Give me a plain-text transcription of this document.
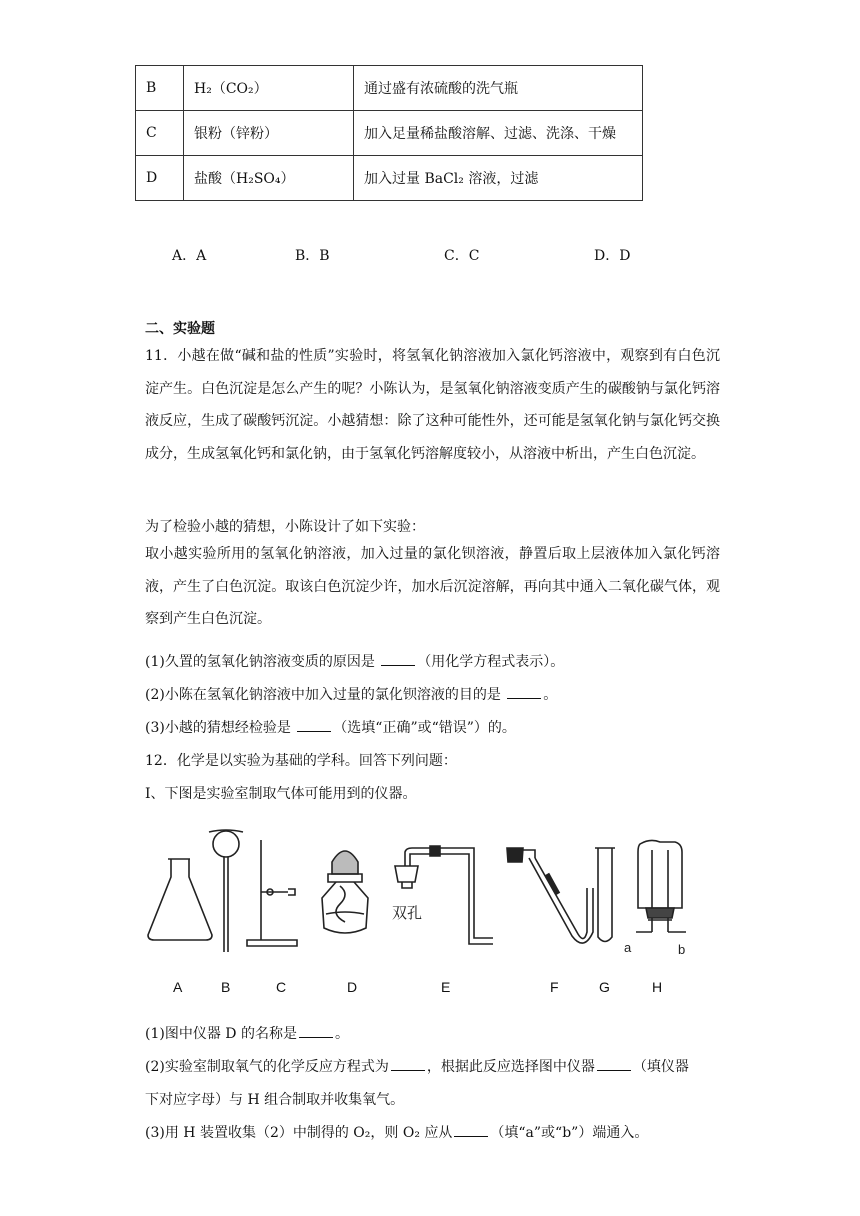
B	H₂（CO₂）	通过盛有浓硫酸的洗气瓶
C	银粉（锌粉）	加入足量稀盐酸溶解、过滤、洗涤、干燥
D	盐酸（H₂SO₄）	加入过量 BaCl₂ 溶液，过滤
A．A	B．B	C．C	D．D
二、实验题
11．小越在做“碱和盐的性质”实验时，将氢氧化钠溶液加入氯化钙溶液中，观察到有白色沉淀产生。白色沉淀是怎么产生的呢？小陈认为，是氢氧化钠溶液变质产生的碳酸钠与氯化钙溶液反应，生成了碳酸钙沉淀。小越猜想：除了这种可能性外，还可能是氢氧化钠与氯化钙交换成分，生成氢氧化钙和氯化钠，由于氢氧化钙溶解度较小，从溶液中析出，产生白色沉淀。
为了检验小越的猜想，小陈设计了如下实验：
取小越实验所用的氢氧化钠溶液，加入过量的氯化钡溶液，静置后取上层液体加入氯化钙溶液，产生了白色沉淀。取该白色沉淀少许，加水后沉淀溶解，再向其中通入二氧化碳气体，观察到产生白色沉淀。
(1)久置的氢氧化钠溶液变质的原因是	（用化学方程式表示）。
(2)小陈在氢氧化钠溶液中加入过量的氯化钡溶液的目的是	。
(3)小越的猜想经检验是	（选填“正确”或“错误”）的。
12．化学是以实验为基础的学科。回答下列问题：
I、下图是实验室制取气体可能用到的仪器。
双孔
a	b
A	B	C	D	E	F	G	H
(1)图中仪器 D 的名称是	。
(2)实验室制取氧气的化学反应方程式为	，根据此反应选择图中仪器	（填仪器
下对应字母）与 H 组合制取并收集氧气。
(3)用 H 装置收集（2）中制得的 O₂，则 O₂ 应从	（填“a”或“b”）端通入。
